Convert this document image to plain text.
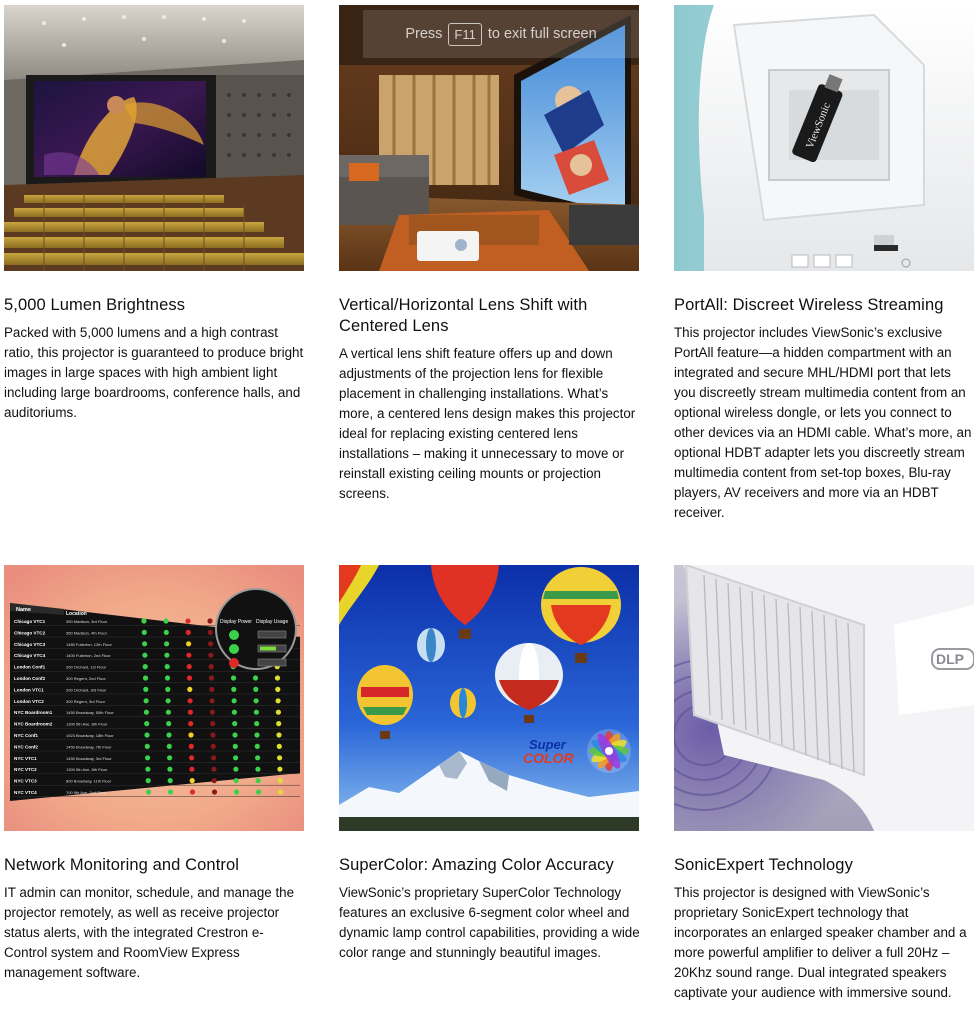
5,000 Lumen Brightness
Packed with 5,000 lumens and a high contrast ratio, this projector is guaranteed to produce bright images in large spaces with high ambient light including large boardrooms, conference halls, and auditoriums.
Vertical/Horizontal Lens Shift with Centered Lens
A vertical lens shift feature offers up and down adjustments of the projection lens for flexible placement in challenging installations. What’s more, a centered lens design makes this projector ideal for replacing existing centered lens installations – making it unnecessary to move or reinstall existing ceiling mounts or projection screens.
Press F11 to exit full screen
ViewSonic
PortAll: Discreet Wireless Streaming
This projector includes ViewSonic’s exclusive PortAll feature—a hidden compartment with an integrated and secure MHL/HDMI port that lets you discreetly stream multimedia content from an optional wireless dongle, or lets you connect to other devices via an HDMI cable. What’s more, an optional HDBT adapter lets you discreetly stream multimedia content from set-top boxes, Blu-ray players, AV receivers and more via an HDBT receiver.
Name
Location
Chicago VTC1	350 Madison, 3rd Floor
Chicago VTC2	350 Madison, 4th Floor
Chicago VTC3	1480 Fullerton, 12th Floor
Chicago VTC4	1400 Fullerton, 2nd Floor
London Conf1	200 Orchard, 1st Floor
London Conf2	300 Regent, 2nd Floor
London VTC1	200 Orchard, 3rd Floor
London VTC2	300 Regent, 3rd Floor
NYC Boardroom1	1450 Broadway, 50th Floor
NYC Boardroom2	1300 5th Ave, 8th Floor
NYC Conf1	1923 Broadway, 18th Floor
NYC Conf2	1450 Broadway, 7th Floor
NYC VTC1	1450 Broadway, 3rd Floor
NYC VTC2	1300 5th Ave, 8th Floor
NYC VTC3	800 Broadway, 11th Floor
NYC VTC4	700 9th Ave, 2nd Floor
Display Power Display Usage
Network Monitoring and Control
IT admin can monitor, schedule, and manage the projector remotely, as well as receive projector status alerts, with the integrated Crestron e-Control system and RoomView Express management software.
Super
COLOR
SuperColor: Amazing Color Accuracy
ViewSonic’s proprietary SuperColor Technology features an exclusive 6-segment color wheel and dynamic lamp control capabilities, providing a wide color range and stunningly beautiful images.
DLP
SonicExpert Technology
This projector is designed with ViewSonic’s proprietary SonicExpert technology that incorporates an enlarged speaker chamber and a more powerful amplifier to deliver a full 20Hz – 20Khz sound range. Dual integrated speakers captivate your audience with immersive sound.
